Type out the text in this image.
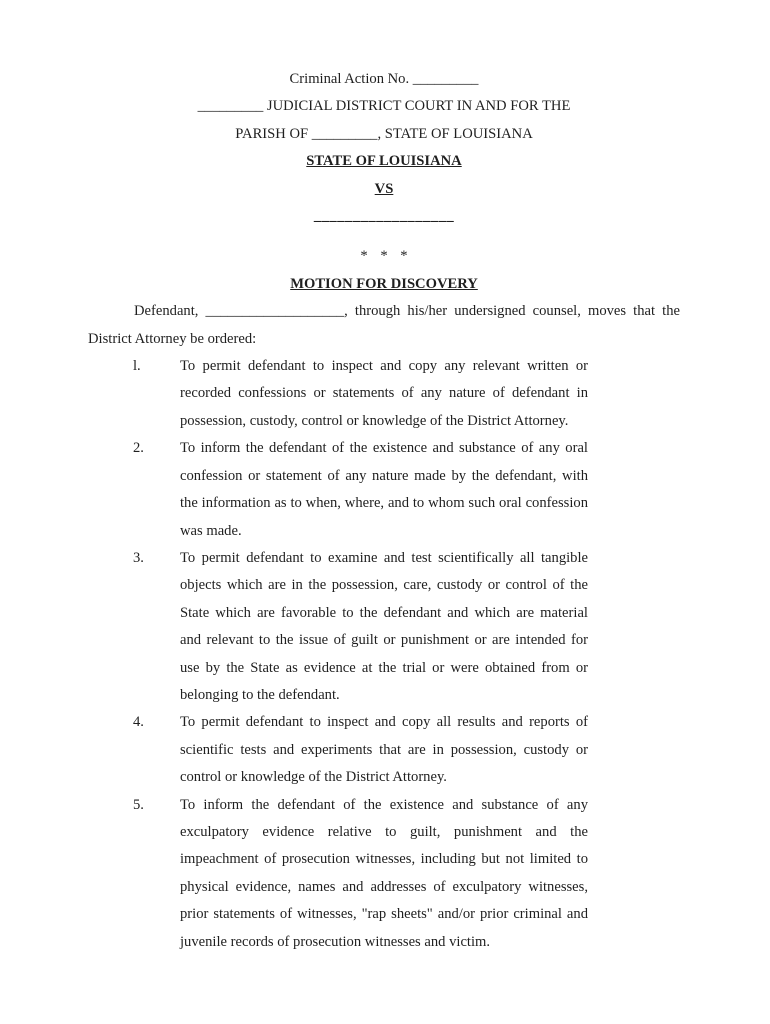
Criminal Action No. _________

_________ JUDICIAL DISTRICT COURT IN AND FOR THE

PARISH OF _________, STATE OF LOUISIANA

STATE OF LOUISIANA

VS

__________________

* * *

MOTION FOR DISCOVERY

Defendant, ___________________, through his/her undersigned counsel, moves that the District Attorney be ordered:

l.	To permit defendant to inspect and copy any relevant written or recorded confessions or statements of any nature of defendant in possession, custody, control or knowledge of the District Attorney.
2. To inform the defendant of the existence and substance of any oral confession or statement of any nature made by the defendant, with the information as to when, where, and to whom such oral confession was made.
3. To permit defendant to examine and test scientifically all tangible objects which are in the possession, care, custody or control of the State which are favorable to the defendant and which are material and relevant to the issue of guilt or punishment or are intended for use by the State as evidence at the trial or were obtained from or belonging to the defendant.
4. To permit defendant to inspect and copy all results and reports of scientific tests and experiments that are in possession, custody or control or knowledge of the District Attorney.
5. To inform the defendant of the existence and substance of any exculpatory evidence relative to guilt, punishment and the impeachment of prosecution witnesses, including but not limited to physical evidence, names and addresses of exculpatory witnesses, prior statements of witnesses, "rap sheets" and/or prior criminal and juvenile records of prosecution witnesses and victim.
